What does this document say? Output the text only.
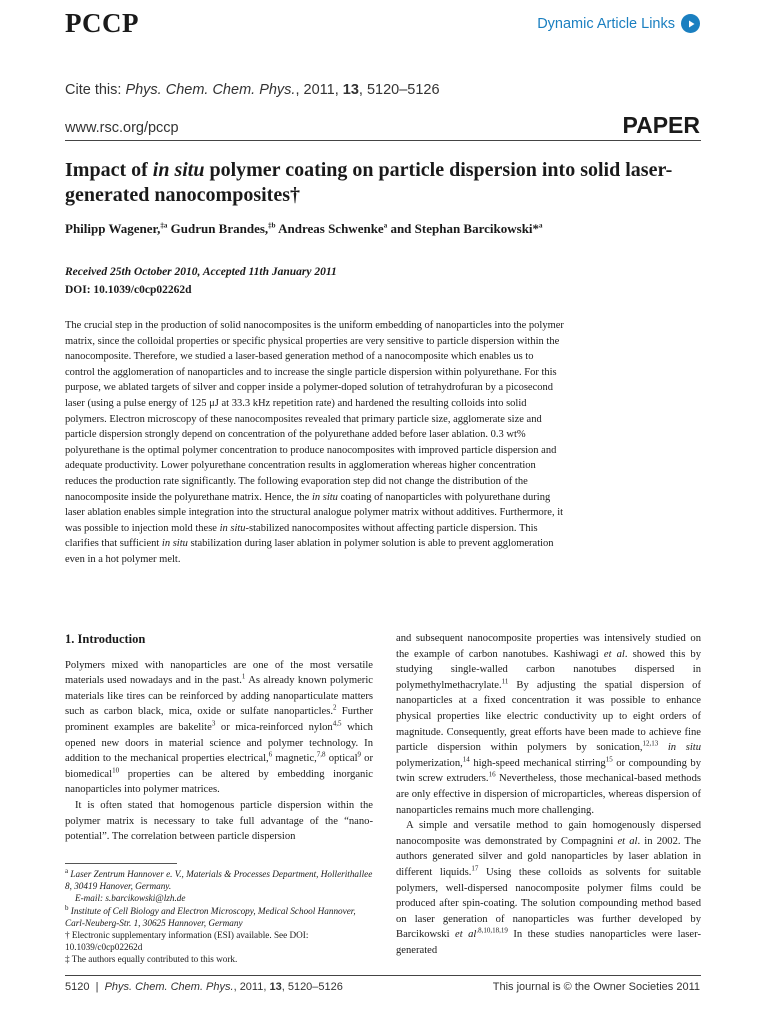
PCCP	Dynamic Article Links
Cite this: Phys. Chem. Chem. Phys., 2011, 13, 5120–5126
www.rsc.org/pccp	PAPER
Impact of in situ polymer coating on particle dispersion into solid laser-generated nanocomposites†
Philipp Wagener,$^{\ddagger a}$ Gudrun Brandes,$^{\ddagger b}$ Andreas Schwenke$^a$ and Stephan Barcikowski*$^a$
Received 25th October 2010, Accepted 11th January 2011
DOI: 10.1039/c0cp02262d
The crucial step in the production of solid nanocomposites is the uniform embedding of nanoparticles into the polymer matrix, since the colloidal properties or specific physical properties are very sensitive to particle dispersion within the nanocomposite. Therefore, we studied a laser-based generation method of a nanocomposite which enables us to control the agglomeration of nanoparticles and to increase the single particle dispersion within polyurethane. For this purpose, we ablated targets of silver and copper inside a polymer-doped solution of tetrahydrofuran by a picosecond laser (using a pulse energy of 125 μJ at 33.3 kHz repetition rate) and hardened the resulting colloids into solid polymers. Electron microscopy of these nanocomposites revealed that primary particle size, agglomerate size and particle dispersion strongly depend on concentration of the polyurethane added before laser ablation. 0.3 wt% polyurethane is the optimal polymer concentration to produce nanocomposites with improved particle dispersion and adequate productivity. Lower polyurethane concentration results in agglomeration whereas higher concentration reduces the production rate significantly. The following evaporation step did not change the distribution of the nanocomposite inside the polyurethane matrix. Hence, the in situ coating of nanoparticles with polyurethane during laser ablation enables simple integration into the structural analogue polymer matrix without additives. Furthermore, it was possible to injection mold these in situ-stabilized nanocomposites without affecting particle dispersion. This clarifies that sufficient in situ stabilization during laser ablation in polymer solution is able to prevent agglomeration even in a hot polymer melt.
1. Introduction

Polymers mixed with nanoparticles are one of the most versatile materials used nowadays and in the past.$^1$ As already known polymeric materials like tires can be reinforced by adding nanoparticulate matters such as carbon black, mica, oxide or sulfate nanoparticles.$^2$ Further prominent examples are bakelite$^3$ or mica-reinforced nylon$^{4,5}$ which opened new doors in material science and polymer technology. In addition to the mechanical properties electrical,$^6$ magnetic,$^{7,8}$ optical$^9$ or biomedical$^{10}$ properties can be altered by embedding inorganic nanoparticles into polymer matrices.

It is often stated that homogenous particle dispersion within the polymer matrix is necessary to take full advantage of the “nano-potential”. The correlation between particle dispersion

$^a$ Laser Zentrum Hannover e. V., Materials & Processes Department, Hollerithallee 8, 30419 Hanover, Germany.
E-mail: s.barcikowski@lzh.de
$^b$ Institute of Cell Biology and Electron Microscopy, Medical School Hannover, Carl-Neuberg-Str. 1, 30625 Hannover, Germany
† Electronic supplementary information (ESI) available. See DOI: 10.1039/c0cp02262d
‡ The authors equally contributed to this work.

and subsequent nanocomposite properties was intensively studied on the example of carbon nanotubes. Kashiwagi et al. showed this by studying single-walled carbon nanotubes dispersed in polymethylmethacrylate.$^{11}$ By adjusting the spatial dispersion of nanoparticles at a fixed concentration it was possible to enhance physical properties like electric conductivity up to eight orders of magnitude. Consequently, great efforts have been made to achieve fine particle dispersion within polymers by sonication,$^{12,13}$ in situ polymerization,$^{14}$ high-speed mechanical stirring$^{15}$ or compounding by twin screw extruders.$^{16}$ Nevertheless, those mechanical-based methods are only effective in dispersion of microparticles, whereas dispersion of nanoparticles remains much more challenging.

A simple and versatile method to gain homogenously dispersed nanocomposite was demonstrated by Compagnini et al. in 2002. The authors generated silver and gold nanoparticles by laser ablation in different liquids.$^{17}$ Using these colloids as solvents for suitable polymers, well-dispersed nanocomposite polymer films could be produced after spin-coating. The solution compounding method based on laser generation of nanoparticles was further developed by Barcikowski et $al^{.8,10,18,19}$ In these studies nanoparticles were laser-generated

5120  |  Phys. Chem. Chem. Phys., 2011, 13, 5120–5126	This journal is © the Owner Societies 2011
